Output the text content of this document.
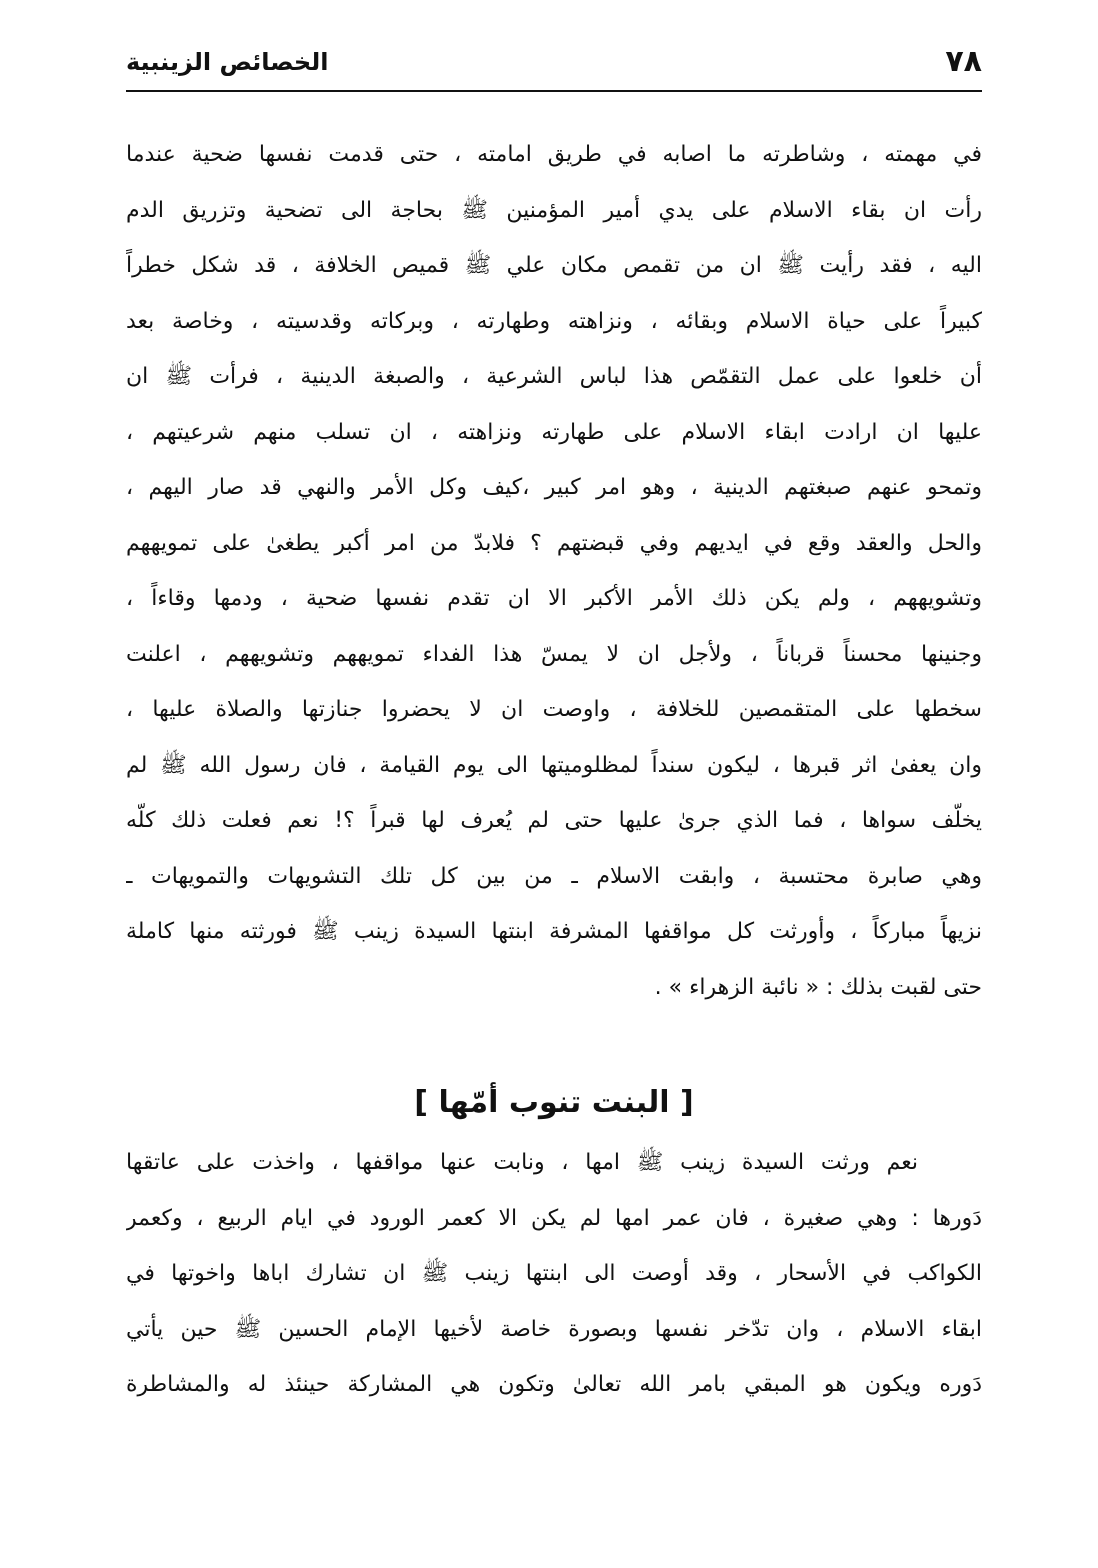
٧٨
الخصائص الزينبية
في مهمته ، وشاطرته ما اصابه في طريق امامته ، حتى قدمت نفسها ضحية عندما
رأت ان بقاء الاسلام على يدي أمير المؤمنين ﷺ بحاجة الى تضحية وتزريق الدم
اليه ، فقد رأيت ﷺ ان من تقمص مكان علي ﷺ قميص الخلافة ، قد شكل خطراً
كبيراً على حياة الاسلام وبقائه ، ونزاهته وطهارته ، وبركاته وقدسيته ، وخاصة بعد
أن خلعوا على عمل التقمّص هذا لباس الشرعية ، والصبغة الدينية ، فرأت ﷺ ان
عليها ان ارادت ابقاء الاسلام على طهارته ونزاهته ، ان تسلب منهم شرعيتهم ،
وتمحو عنهم صبغتهم الدينية ، وهو امر كبير ،كيف وكل الأمر والنهي قد صار اليهم ،
والحل والعقد وقع في ايديهم وفي قبضتهم ؟ فلابدّ من امر أكبر يطغىٰ على تمويههم
وتشويههم ، ولم يكن ذلك الأمر الأكبر الا ان تقدم نفسها ضحية ، ودمها وقاءاً ،
وجنينها محسناً قرباناً ، ولأجل ان لا يمسّ هذا الفداء تمويههم وتشويههم ، اعلنت
سخطها على المتقمصين للخلافة ، واوصت ان لا يحضروا جنازتها والصلاة عليها ،
وان يعفىٰ اثر قبرها ، ليكون سنداً لمظلوميتها الى يوم القيامة ، فان رسول الله ﷺ لم
يخلّف سواها ، فما الذي جرىٰ عليها حتى لم يُعرف لها قبراً ؟! نعم فعلت ذلك كلّه
وهي صابرة محتسبة ، وابقت الاسلام ـ من بين كل تلك التشويهات والتمويهات ـ
نزيهاً مباركاً ، وأورثت كل مواقفها المشرفة ابنتها السيدة زينب ﷺ فورثته منها كاملة
حتى لقبت بذلك : « نائبة الزهراء » .
[ البنت تنوب أمّها ]
نعم ورثت السيدة زينب ﷺ امها ، ونابت عنها مواقفها ، واخذت على عاتقها
دَورها : وهي صغيرة ، فان عمر امها لم يكن الا كعمر الورود في ايام الربيع ، وكعمر
الكواكب في الأسحار ، وقد أوصت الى ابنتها زينب ﷺ ان تشارك اباها واخوتها في
ابقاء الاسلام ، وان تدّخر نفسها وبصورة خاصة لأخيها الإمام الحسين ﷺ حين يأتي
دَوره ويكون هو المبقي بامر الله تعالىٰ وتكون هي المشاركة حينئذ له والمشاطرة
